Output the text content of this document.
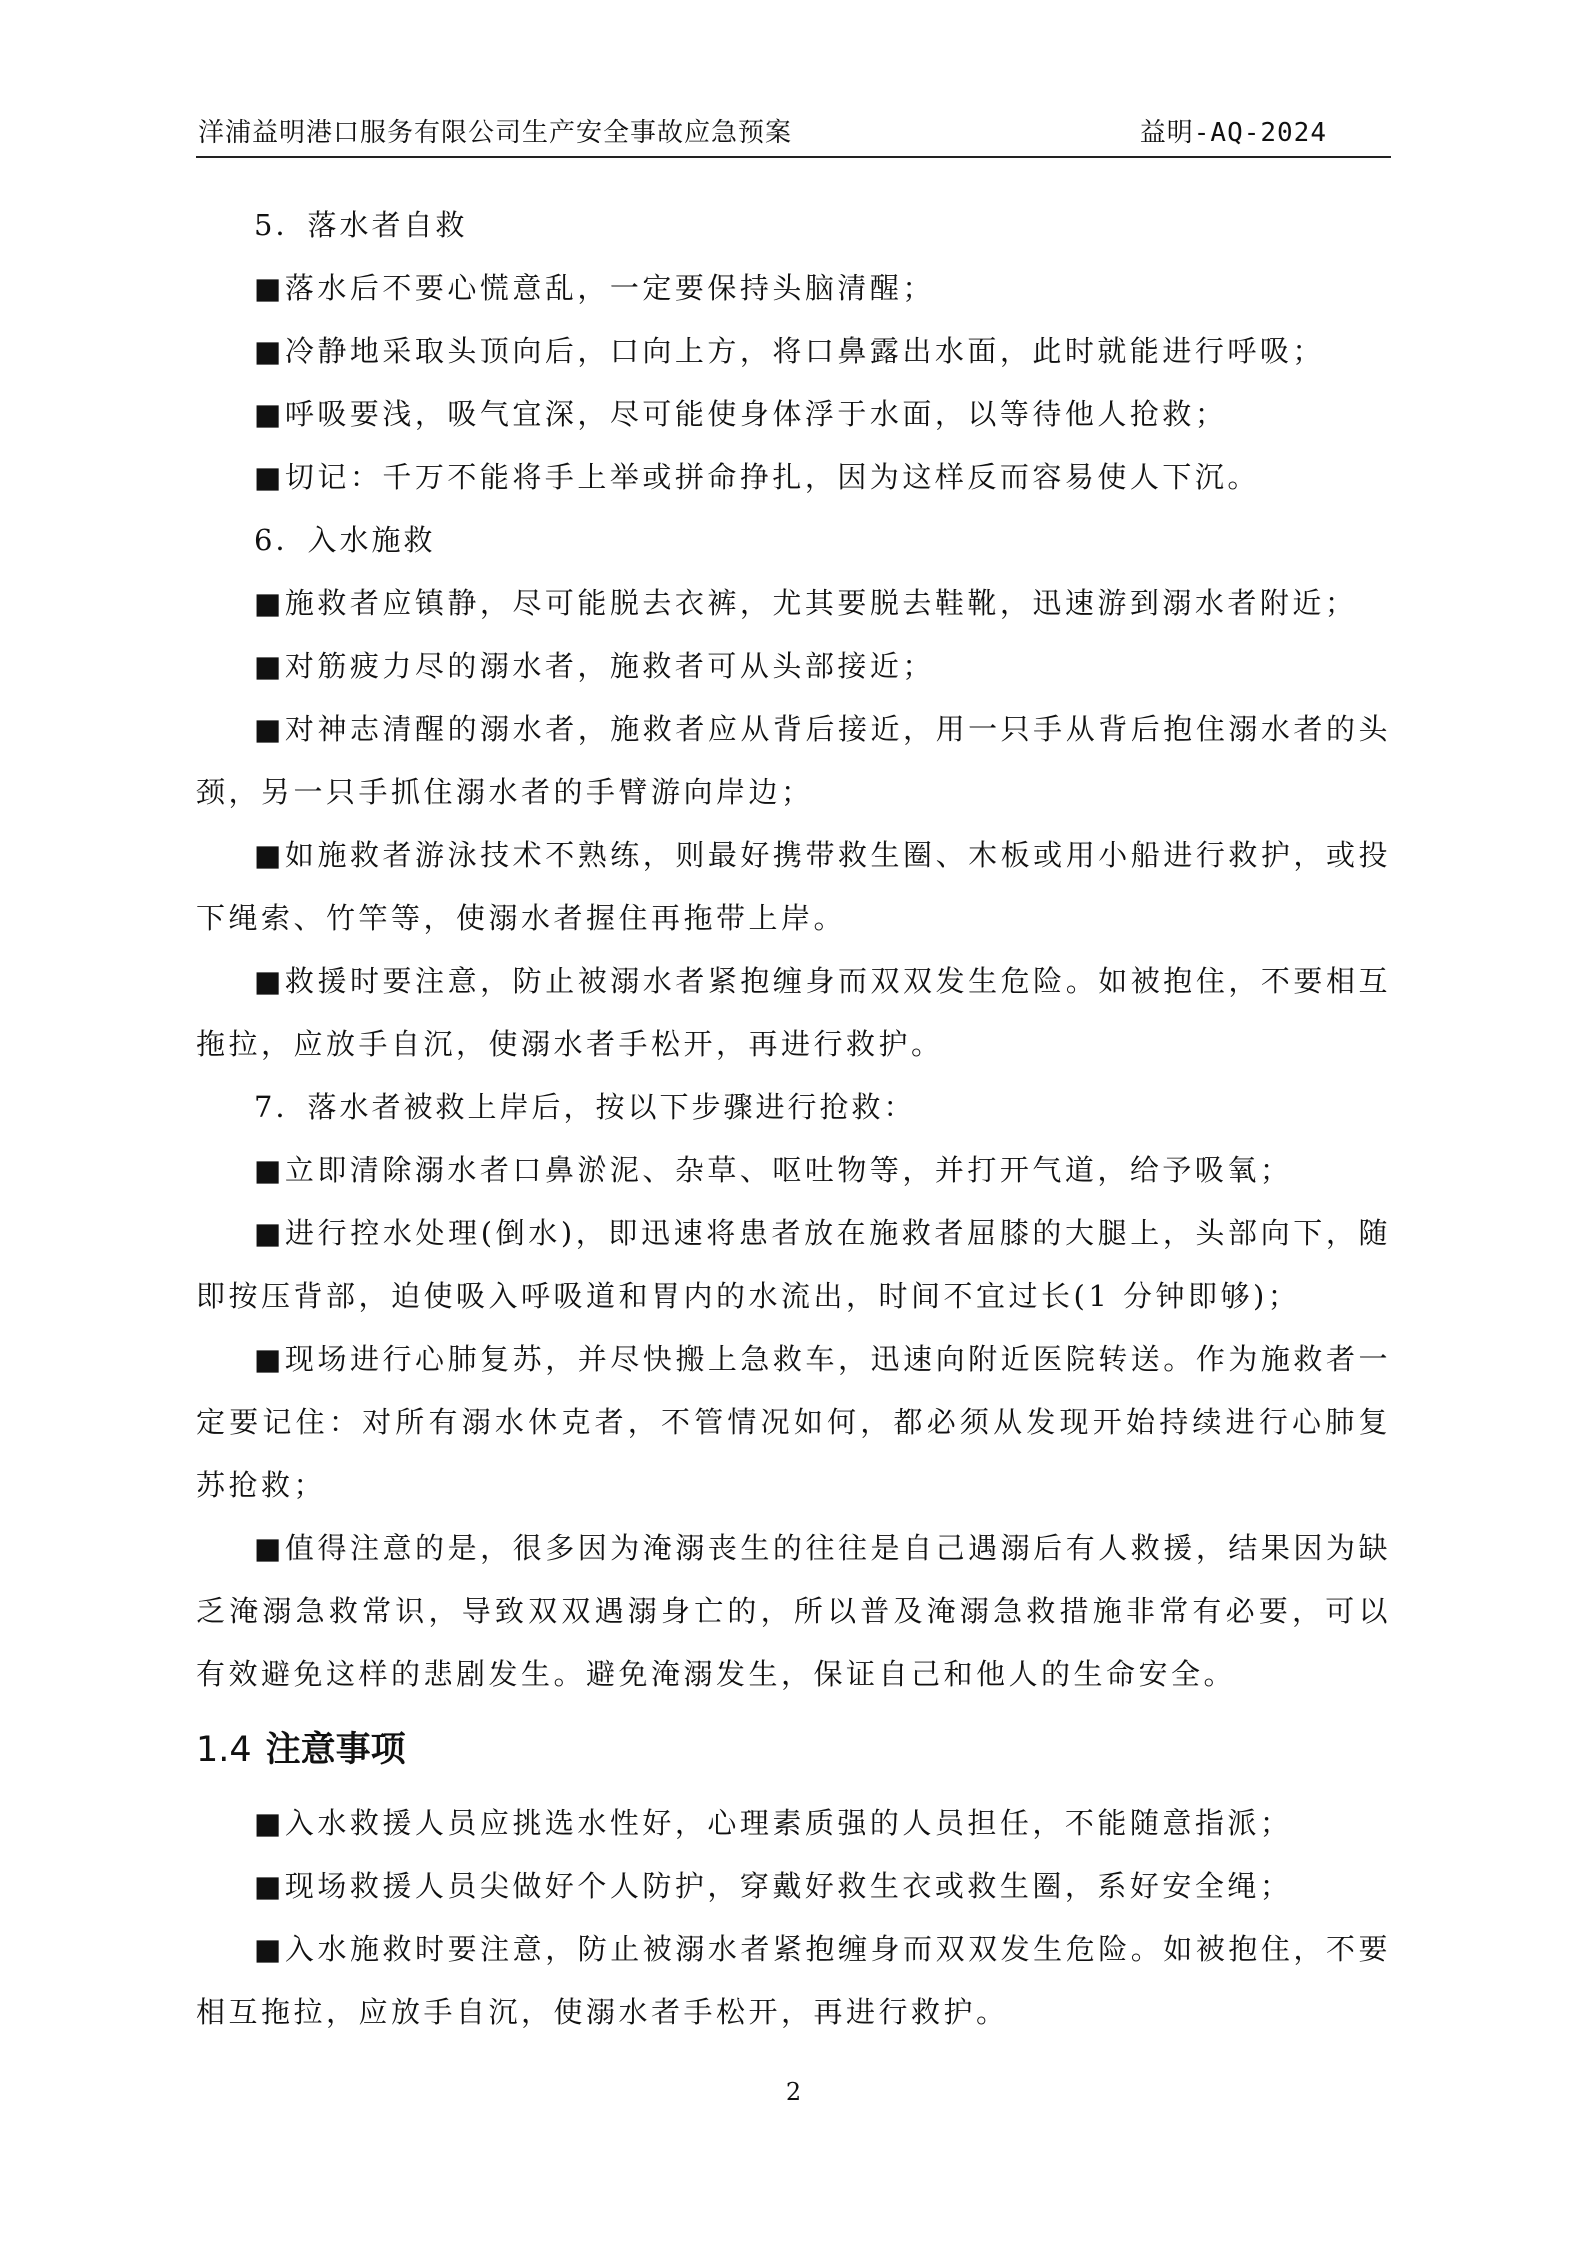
洋浦益明港口服务有限公司生产安全事故应急预案	益明-AQ-2024

5．落水者自救

■落水后不要心慌意乱，一定要保持头脑清醒；

■冷静地采取头顶向后，口向上方，将口鼻露出水面，此时就能进行呼吸；

■呼吸要浅，吸气宜深，尽可能使身体浮于水面，以等待他人抢救；

■切记：千万不能将手上举或拼命挣扎，因为这样反而容易使人下沉。

6．入水施救

■施救者应镇静，尽可能脱去衣裤，尤其要脱去鞋靴，迅速游到溺水者附近；

■对筋疲力尽的溺水者，施救者可从头部接近；

■对神志清醒的溺水者，施救者应从背后接近，用一只手从背后抱住溺水者的头颈，另一只手抓住溺水者的手臂游向岸边；

■如施救者游泳技术不熟练，则最好携带救生圈、木板或用小船进行救护，或投下绳索、竹竿等，使溺水者握住再拖带上岸。

■救援时要注意，防止被溺水者紧抱缠身而双双发生危险。如被抱住，不要相互拖拉，应放手自沉，使溺水者手松开，再进行救护。

7．落水者被救上岸后，按以下步骤进行抢救：

■立即清除溺水者口鼻淤泥、杂草、呕吐物等，并打开气道，给予吸氧；

■进行控水处理(倒水)，即迅速将患者放在施救者屈膝的大腿上，头部向下，随即按压背部，迫使吸入呼吸道和胃内的水流出，时间不宜过长(1 分钟即够)；

■现场进行心肺复苏，并尽快搬上急救车，迅速向附近医院转送。作为施救者一定要记住：对所有溺水休克者，不管情况如何，都必须从发现开始持续进行心肺复苏抢救；

■值得注意的是，很多因为淹溺丧生的往往是自己遇溺后有人救援，结果因为缺乏淹溺急救常识，导致双双遇溺身亡的，所以普及淹溺急救措施非常有必要，可以有效避免这样的悲剧发生。避免淹溺发生，保证自己和他人的生命安全。

1.4 注意事项

■入水救援人员应挑选水性好，心理素质强的人员担任，不能随意指派；

■现场救援人员尖做好个人防护，穿戴好救生衣或救生圈，系好安全绳；

■入水施救时要注意，防止被溺水者紧抱缠身而双双发生危险。如被抱住，不要相互拖拉，应放手自沉，使溺水者手松开，再进行救护。

2
